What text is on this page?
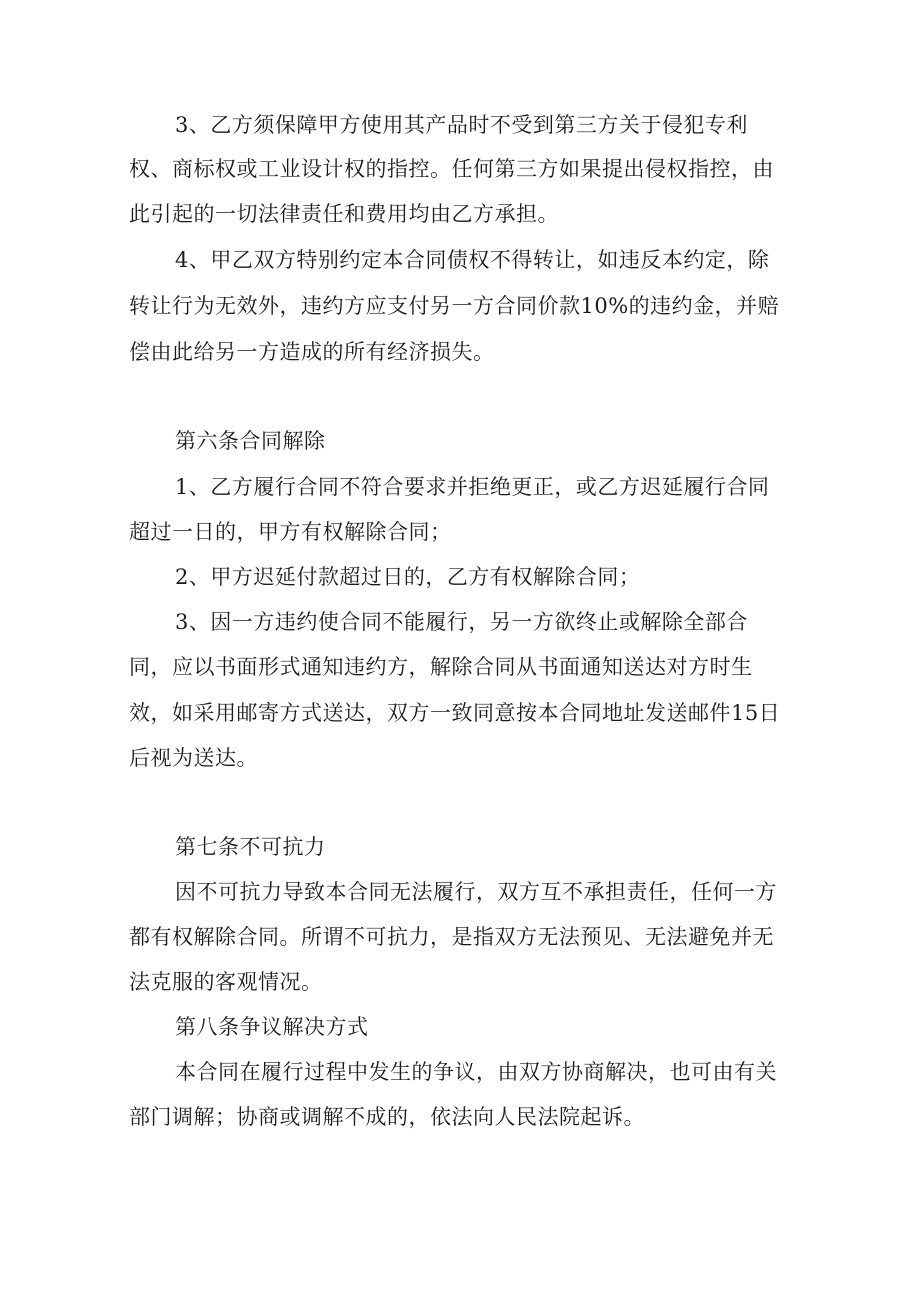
3、乙方须保障甲方使用其产品时不受到第三方关于侵犯专利
权、商标权或工业设计权的指控。任何第三方如果提出侵权指控，由
此引起的一切法律责任和费用均由乙方承担。
4、甲乙双方特别约定本合同债权不得转让，如违反本约定，除
转让行为无效外，违约方应支付另一方合同价款10%的违约金，并赔
偿由此给另一方造成的所有经济损失。
第六条合同解除
1、乙方履行合同不符合要求并拒绝更正，或乙方迟延履行合同
超过一日的，甲方有权解除合同；
2、甲方迟延付款超过日的，乙方有权解除合同；
3、因一方违约使合同不能履行，另一方欲终止或解除全部合
同，应以书面形式通知违约方，解除合同从书面通知送达对方时生
效，如采用邮寄方式送达，双方一致同意按本合同地址发送邮件15日
后视为送达。
第七条不可抗力
因不可抗力导致本合同无法履行，双方互不承担责任，任何一方
都有权解除合同。所谓不可抗力，是指双方无法预见、无法避免并无
法克服的客观情况。
第八条争议解决方式
本合同在履行过程中发生的争议，由双方协商解决，也可由有关
部门调解；协商或调解不成的，依法向人民法院起诉。
